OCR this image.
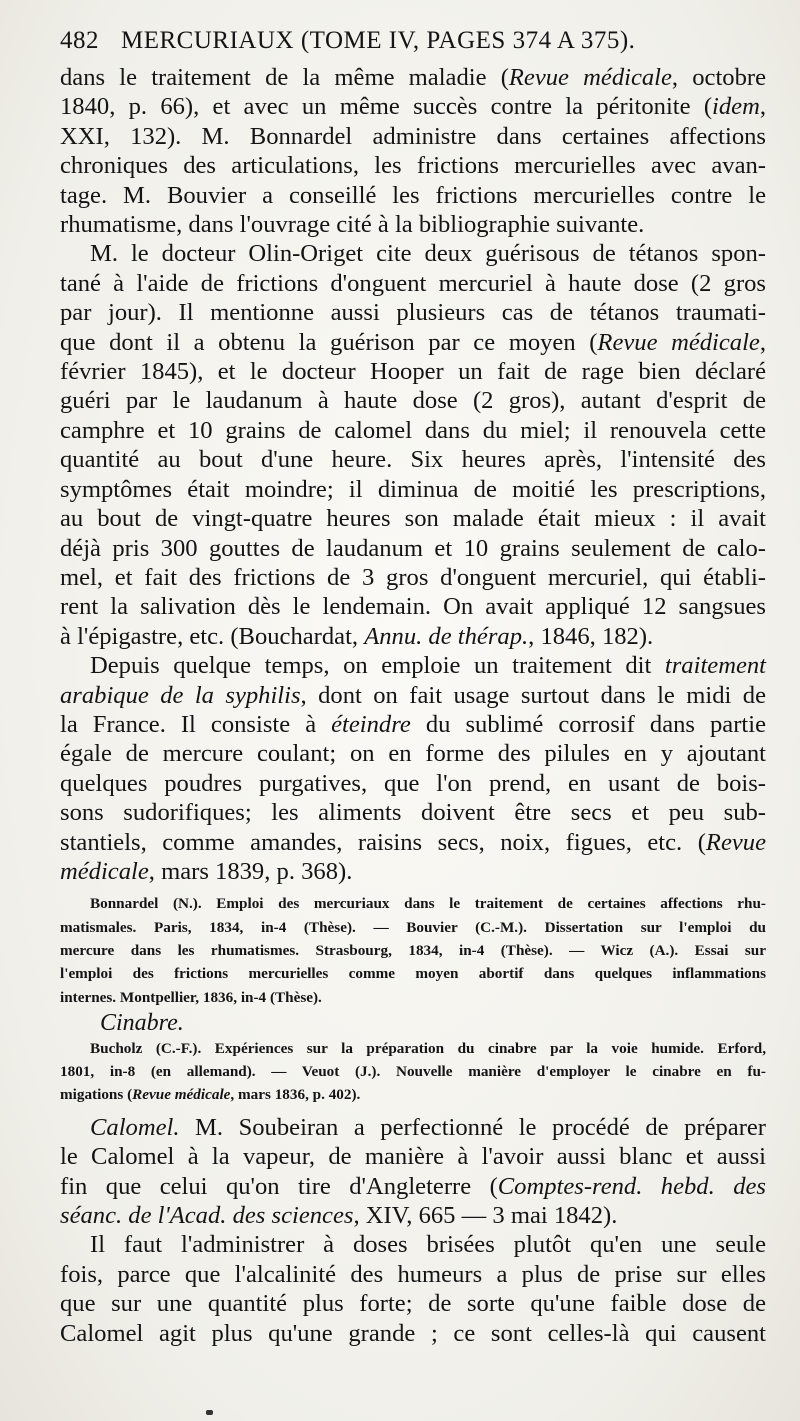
482 MERCURIAUX (TOME IV, PAGES 374 A 375).
dans le traitement de la même maladie (Revue médicale, octobre
1840, p. 66), et avec un même succès contre la péritonite (idem,
XXI, 132). M. Bonnardel administre dans certaines affections
chroniques des articulations, les frictions mercurielles avec avan-
tage. M. Bouvier a conseillé les frictions mercurielles contre le
rhumatisme, dans l'ouvrage cité à la bibliographie suivante.
M. le docteur Olin-Origet cite deux guérisous de tétanos spon-
tané à l'aide de frictions d'onguent mercuriel à haute dose (2 gros
par jour). Il mentionne aussi plusieurs cas de tétanos traumati-
que dont il a obtenu la guérison par ce moyen (Revue médicale,
février 1845), et le docteur Hooper un fait de rage bien déclaré
guéri par le laudanum à haute dose (2 gros), autant d'esprit de
camphre et 10 grains de calomel dans du miel; il renouvela cette
quantité au bout d'une heure. Six heures après, l'intensité des
symptômes était moindre; il diminua de moitié les prescriptions,
au bout de vingt-quatre heures son malade était mieux : il avait
déjà pris 300 gouttes de laudanum et 10 grains seulement de calo-
mel, et fait des frictions de 3 gros d'onguent mercuriel, qui établi-
rent la salivation dès le lendemain. On avait appliqué 12 sangsues
à l'épigastre, etc. (Bouchardat, Annu. de thérap., 1846, 182).
Depuis quelque temps, on emploie un traitement dit traitement
arabique de la syphilis, dont on fait usage surtout dans le midi de
la France. Il consiste à éteindre du sublimé corrosif dans partie
égale de mercure coulant; on en forme des pilules en y ajoutant
quelques poudres purgatives, que l'on prend, en usant de bois-
sons sudorifiques; les aliments doivent être secs et peu sub-
stantiels, comme amandes, raisins secs, noix, figues, etc. (Revue
médicale, mars 1839, p. 368).
Bonnardel (N.). Emploi des mercuriaux dans le traitement de certaines affections rhu-
matismales. Paris, 1834, in-4 (Thèse). — Bouvier (C.-M.). Dissertation sur l'emploi du
mercure dans les rhumatismes. Strasbourg, 1834, in-4 (Thèse). — Wicz (A.). Essai sur
l'emploi des frictions mercurielles comme moyen abortif dans quelques inflammations
internes. Montpellier, 1836, in-4 (Thèse).
Cinabre.
Bucholz (C.-F.). Expériences sur la préparation du cinabre par la voie humide. Erford,
1801, in-8 (en allemand). — Veuot (J.). Nouvelle manière d'employer le cinabre en fu-
migations (Revue médicale, mars 1836, p. 402).
Calomel. M. Soubeiran a perfectionné le procédé de préparer
le Calomel à la vapeur, de manière à l'avoir aussi blanc et aussi
fin que celui qu'on tire d'Angleterre (Comptes-rend. hebd. des
séanc. de l'Acad. des sciences, XIV, 665 — 3 mai 1842).
Il faut l'administrer à doses brisées plutôt qu'en une seule
fois, parce que l'alcalinité des humeurs a plus de prise sur elles
que sur une quantité plus forte; de sorte qu'une faible dose de
Calomel agit plus qu'une grande ; ce sont celles-là qui causent
